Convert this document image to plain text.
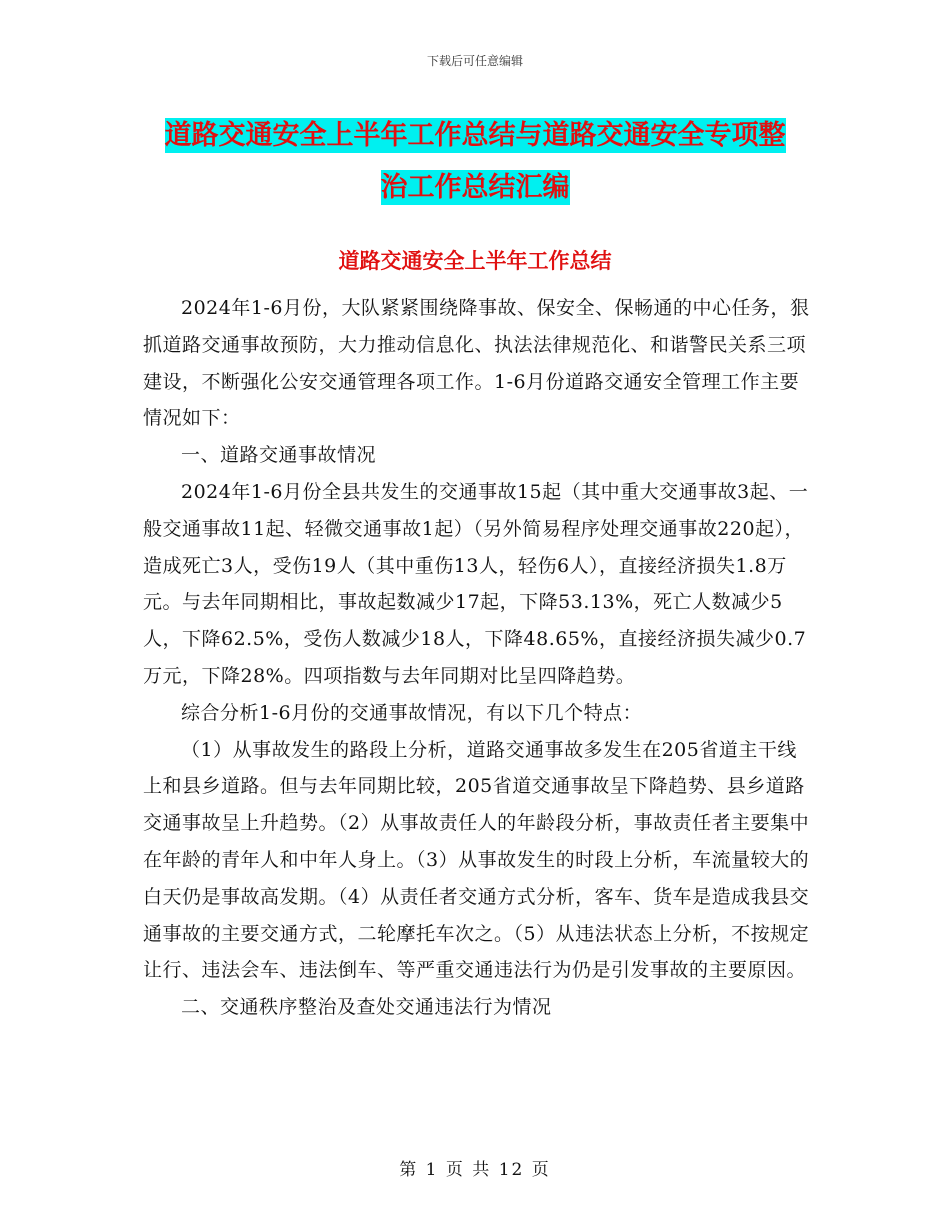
下载后可任意编辑
道路交通安全上半年工作总结与道路交通安全专项整
治工作总结汇编
道路交通安全上半年工作总结

2024年1-6月份，大队紧紧围绕降事故、保安全、保畅通的中心任务，狠抓道路交通事故预防，大力推动信息化、执法法律规范化、和谐警民关系三项建设，不断强化公安交通管理各项工作。1-6月份道路交通安全管理工作主要情况如下：

一、道路交通事故情况

2024年1-6月份全县共发生的交通事故15起（其中重大交通事故3起、一般交通事故11起、轻微交通事故1起）（另外简易程序处理交通事故220起），造成死亡3人，受伤19人（其中重伤13人，轻伤6人），直接经济损失1.8万元。与去年同期相比，事故起数减少17起，下降53.13%，死亡人数减少5人，下降62.5%，受伤人数减少18人，下降48.65%，直接经济损失减少0.7万元，下降28%。四项指数与去年同期对比呈四降趋势。

综合分析1-6月份的交通事故情况，有以下几个特点：

（1）从事故发生的路段上分析，道路交通事故多发生在205省道主干线上和县乡道路。但与去年同期比较，205省道交通事故呈下降趋势、县乡道路交通事故呈上升趋势。（2）从事故责任人的年龄段分析，事故责任者主要集中在年龄的青年人和中年人身上。（3）从事故发生的时段上分析，车流量较大的白天仍是事故高发期。（4）从责任者交通方式分析，客车、货车是造成我县交通事故的主要交通方式，二轮摩托车次之。（5）从违法状态上分析，不按规定让行、违法会车、违法倒车、等严重交通违法行为仍是引发事故的主要原因。

二、交通秩序整治及查处交通违法行为情况

第 1 页 共 12 页
